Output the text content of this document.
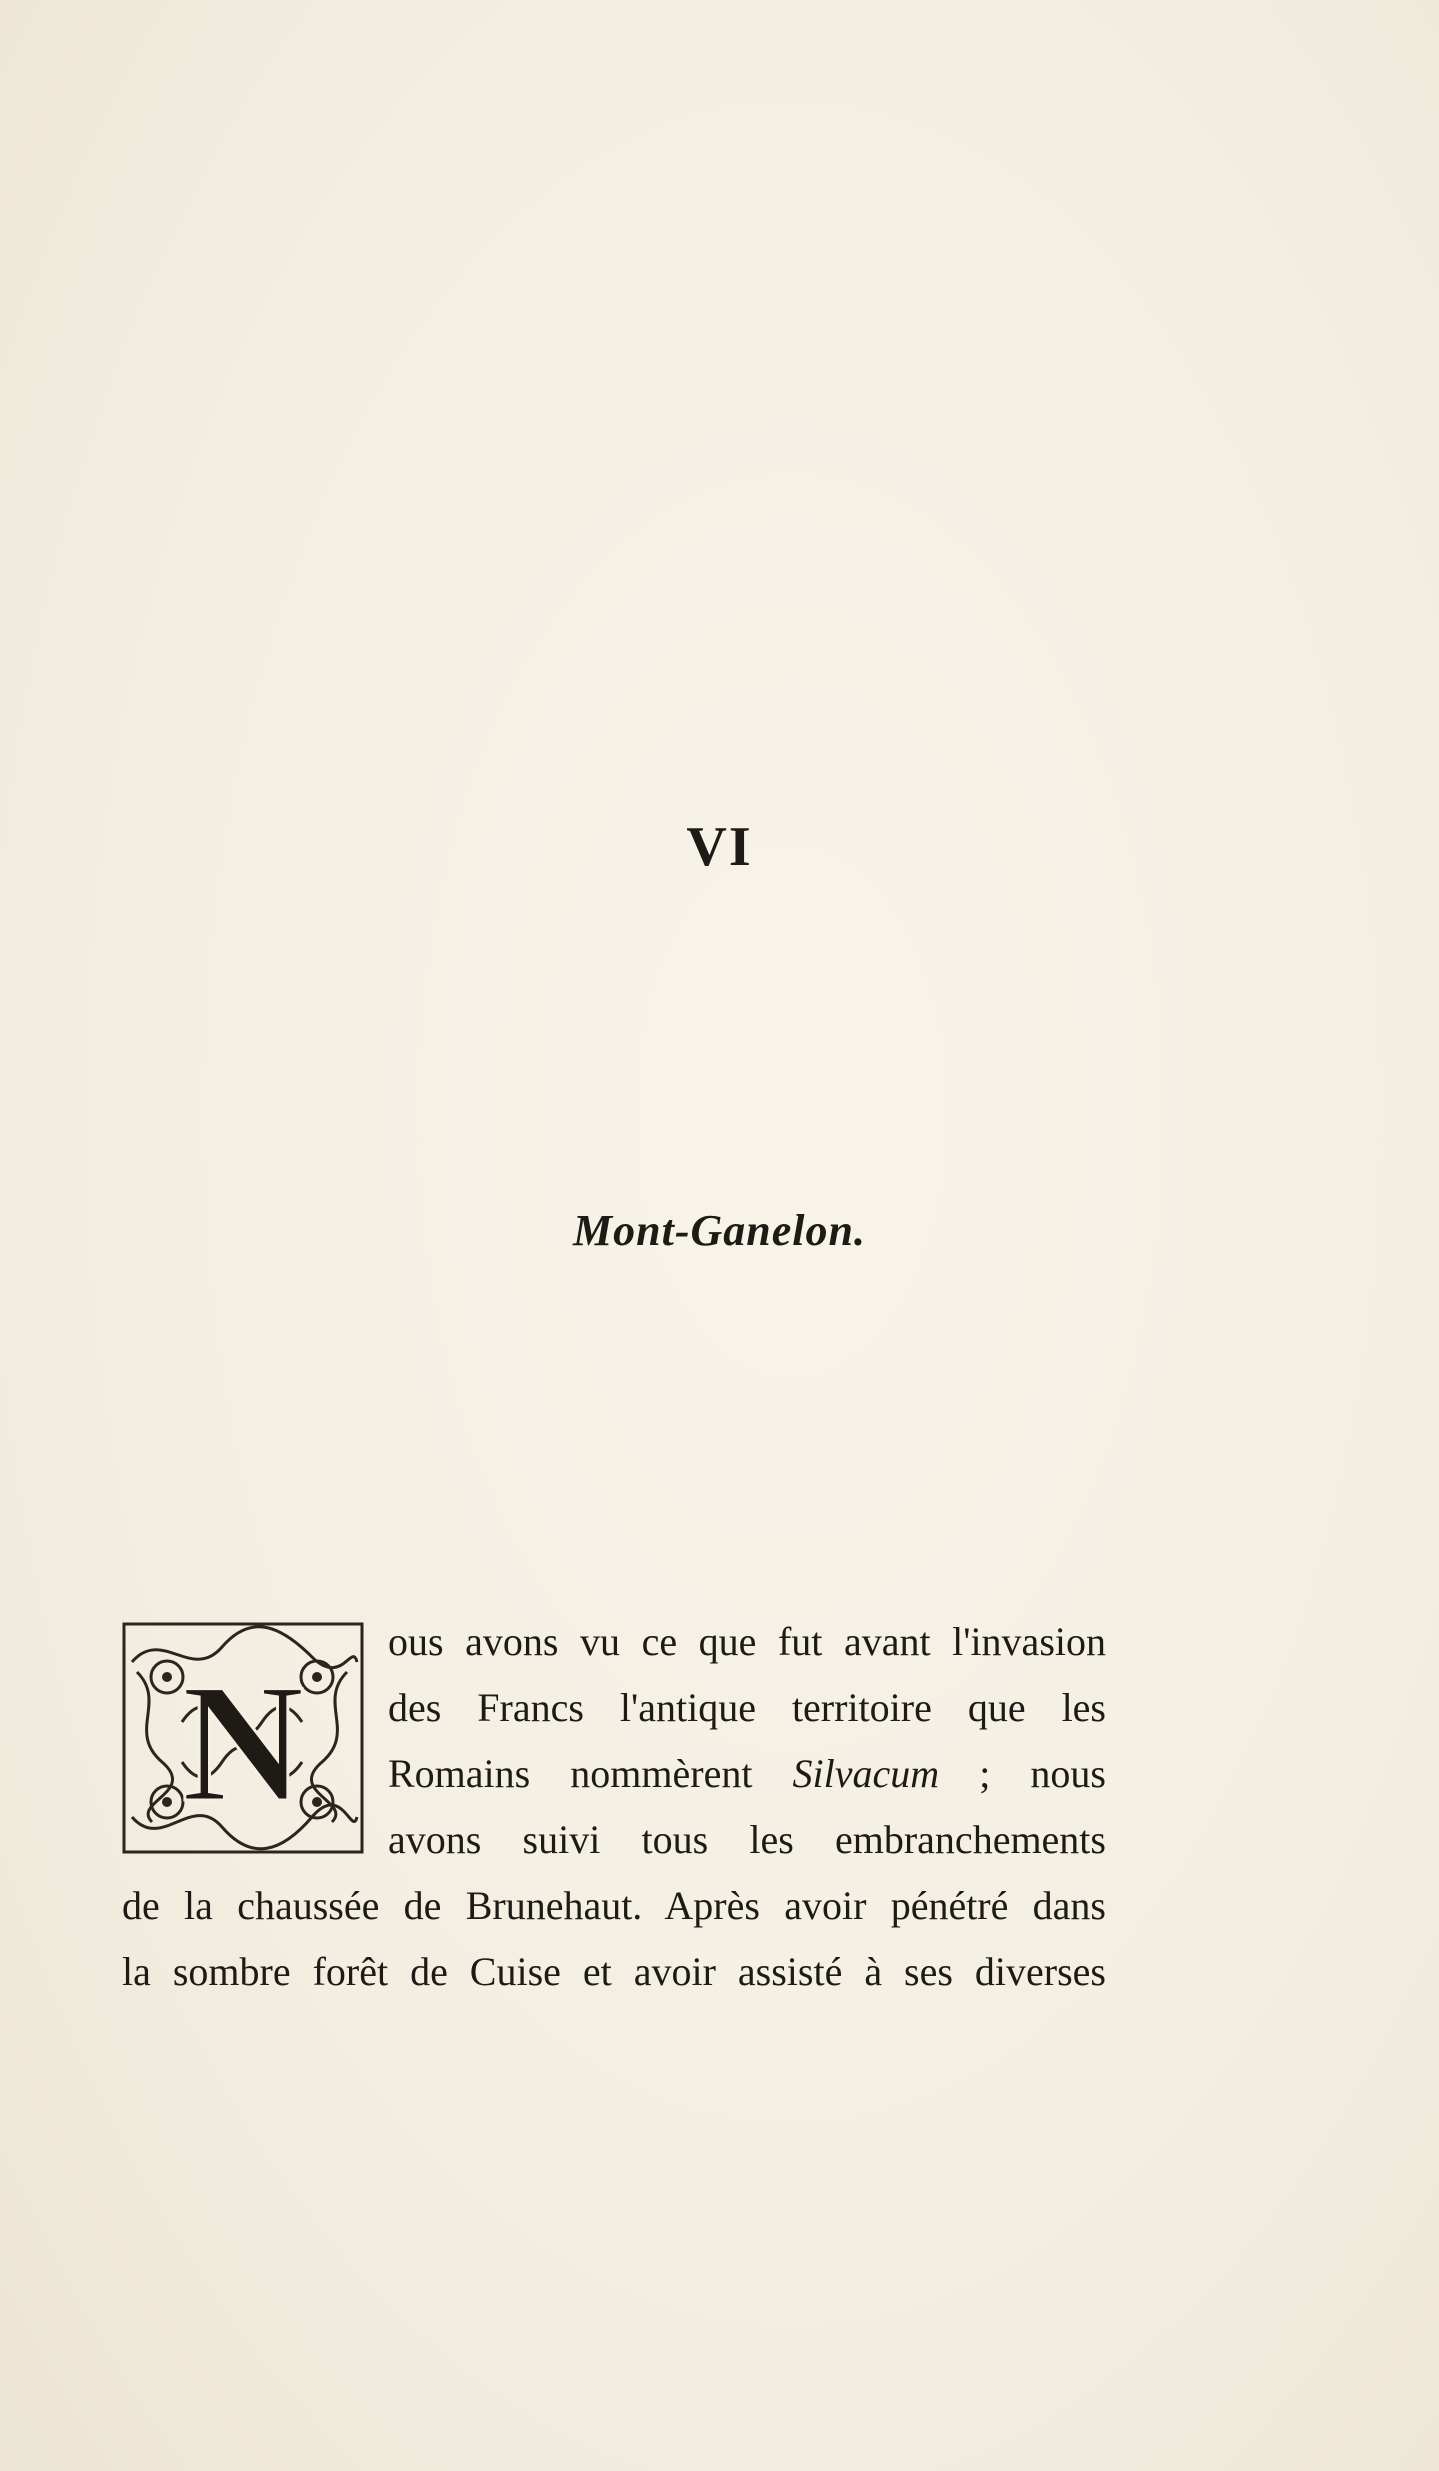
VI
Mont-Ganelon.
N
ous avons vu ce que fut avant l'invasion
des Francs l'antique territoire que les
Romains nommèrent Silvacum ; nous
avons suivi tous les embranchements
de la chaussée de Brunehaut. Après avoir pénétré dans
la sombre forêt de Cuise et avoir assisté à ses diverses
